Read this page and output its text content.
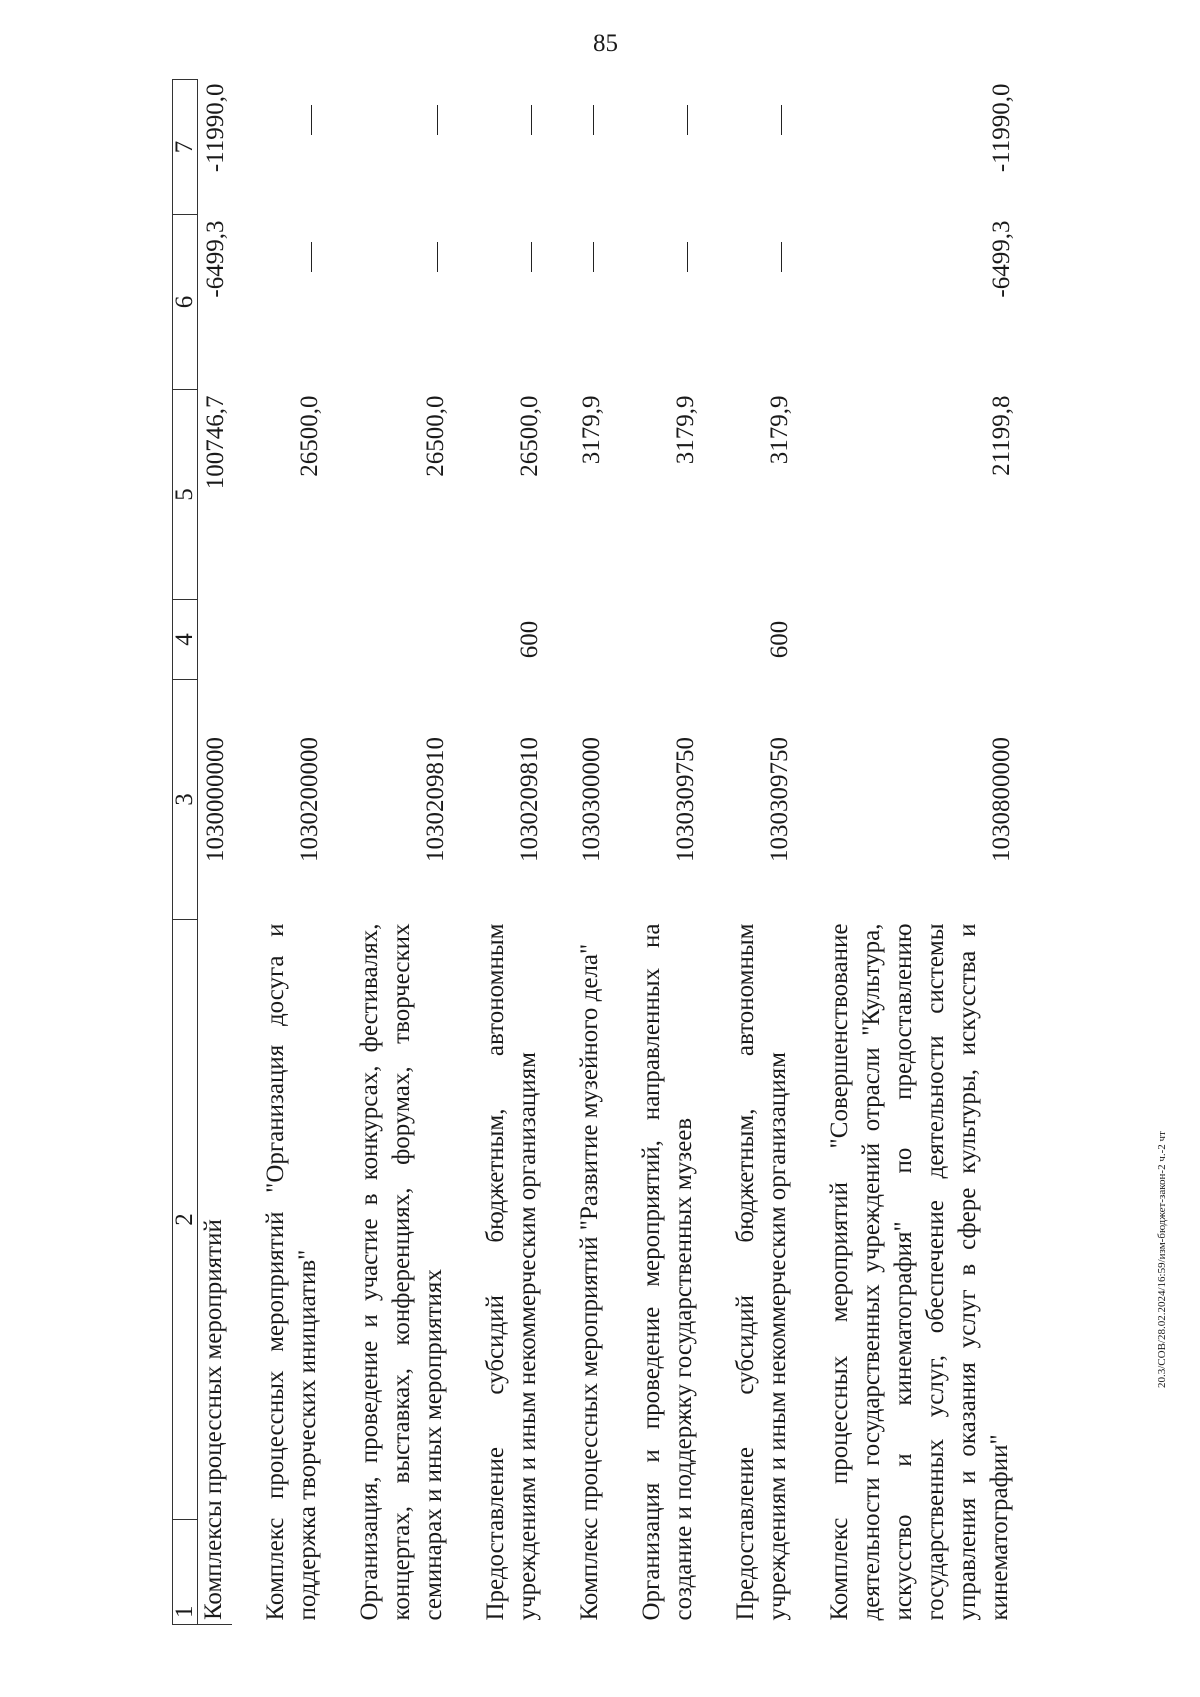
85
20.3/СОВ/28.02.2024/16:59/изм-бюджет-закон-2 ч.-2 чт
1	2	3	4	5	6	7
Комплексы процессных мероприятий		1030000000		100746,7	-6499,3	-11990,0

Комплекс процессных мероприятий "Организация досуга и поддержка творческих инициатив"		1030200000		26500,0		

Организация, проведение и участие в конкурсах, фестивалях, концертах, выставках, конференциях, форумах, творческих семинарах и иных мероприятиях		1030209810		26500,0		

Предоставление субсидий бюджетным, автономным учреждениям и иным некоммерческим организациям		1030209810	600	26500,0		

Комплекс процессных мероприятий "Развитие музейного дела"		1030300000		3179,9		

Организация и проведение мероприятий, направленных на создание и поддержку государственных музеев		1030309750		3179,9		

Предоставление субсидий бюджетным, автономным учреждениям и иным некоммерческим организациям		1030309750	600	3179,9		

Комплекс процессных мероприятий "Совершенствование деятельности государственных учреждений отрасли "Культура, искусство и кинематография" по предоставлению государственных услуг, обеспечение деятельности системы управления и оказания услуг в сфере культуры, искусства и кинематографии"		1030800000		21199,8	-6499,3	-11990,0
